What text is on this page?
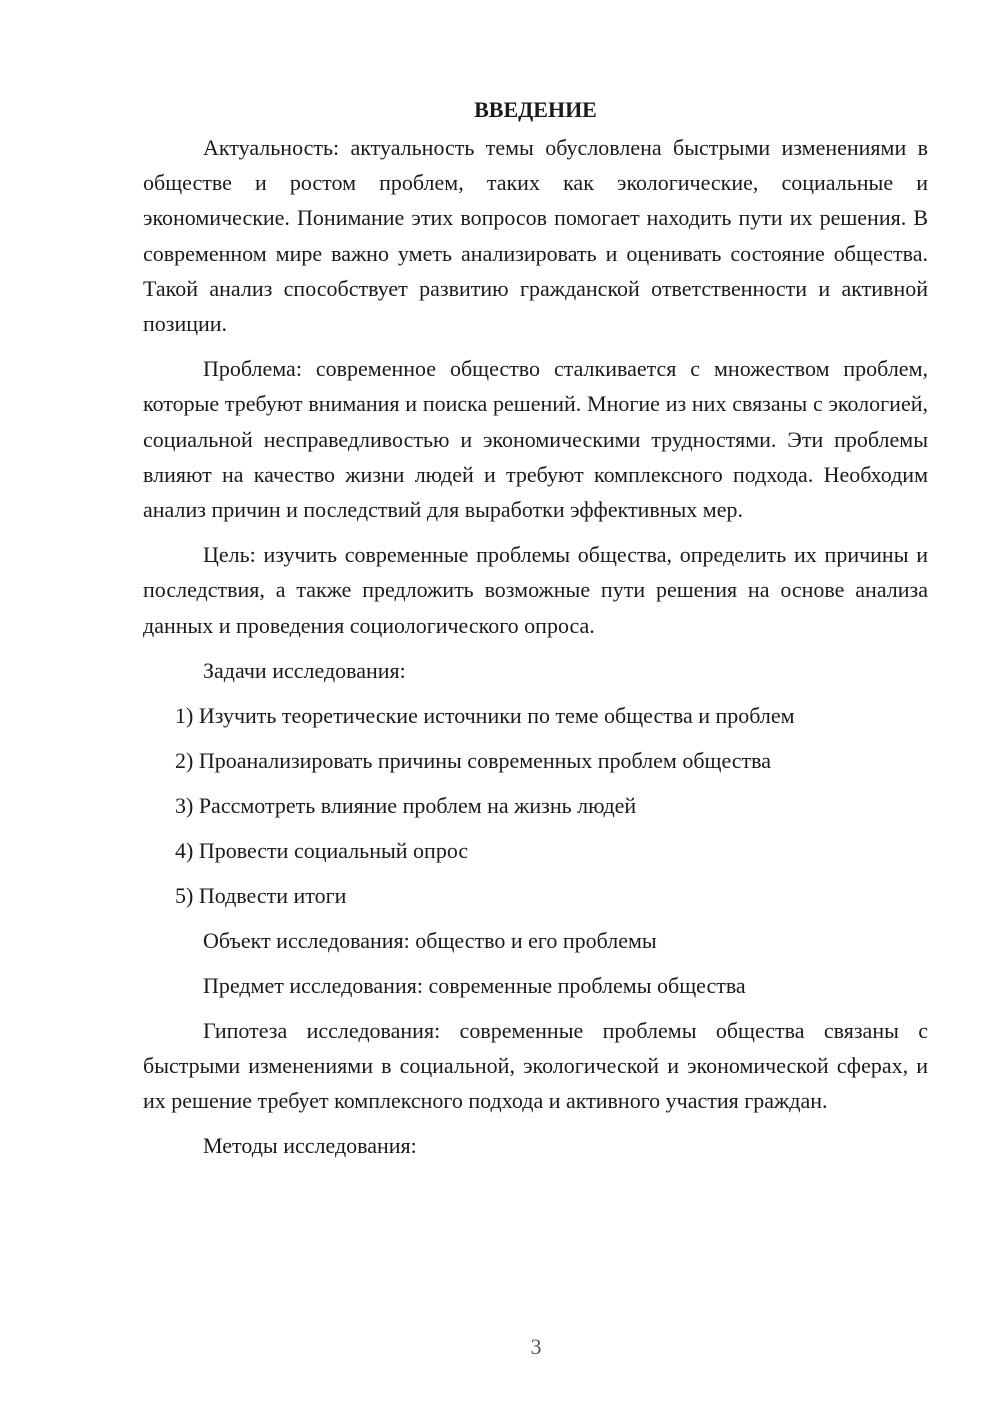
ВВЕДЕНИЕ

Актуальность: актуальность темы обусловлена быстрыми изменениями в обществе и ростом проблем, таких как экологические, социальные и экономические. Понимание этих вопросов помогает находить пути их решения. В современном мире важно уметь анализировать и оценивать состояние общества. Такой анализ способствует развитию гражданской ответственности и активной позиции.

Проблема: современное общество сталкивается с множеством проблем, которые требуют внимания и поиска решений. Многие из них связаны с экологией, социальной несправедливостью и экономическими трудностями. Эти проблемы влияют на качество жизни людей и требуют комплексного подхода. Необходим анализ причин и последствий для выработки эффективных мер.

Цель: изучить современные проблемы общества, определить их причины и последствия, а также предложить возможные пути решения на основе анализа данных и проведения социологического опроса.

Задачи исследования:

1) Изучить теоретические источники по теме общества и проблем
2) Проанализировать причины современных проблем общества
3) Рассмотреть влияние проблем на жизнь людей
4) Провести социальный опрос
5) Подвести итоги

Объект исследования: общество и его проблемы

Предмет исследования: современные проблемы общества

Гипотеза исследования: современные проблемы общества связаны с быстрыми изменениями в социальной, экологической и экономической сферах, и их решение требует комплексного подхода и активного участия граждан.

Методы исследования:

3
